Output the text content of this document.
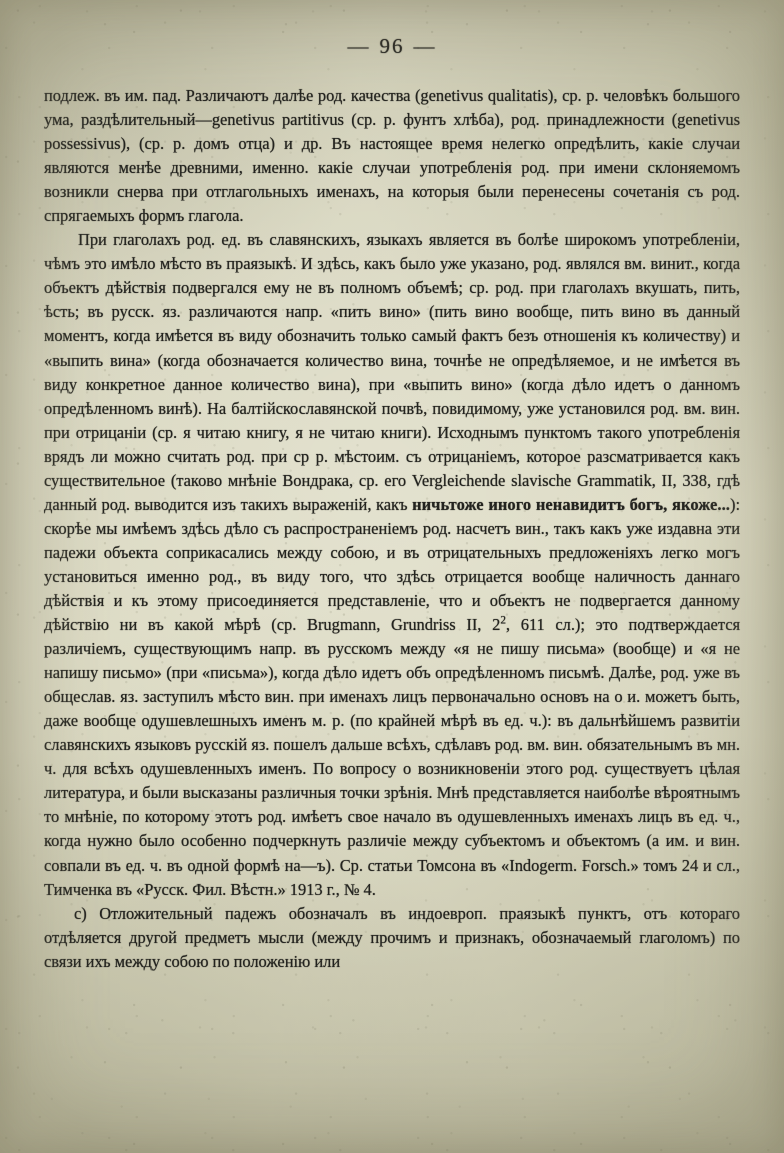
— 96 —

подлеж. въ им. пад. Различаютъ далѣе род. качества (genetivus qualitatis), ср. р. человѣкъ большого ума, раздѣлительный—genetivus partitivus (ср. р. фунтъ хлѣба), род. принадлежности (genetivus possessivus), (ср. р. домъ отца) и др. Въ настоящее время нелегко опредѣлить, какіе случаи являются менѣе древними, именно. какіе случаи употребленія род. при имени склоняемомъ возникли снерва при отглагольныхъ именахъ, на которыя были перенесены сочетанія съ род. спрягаемыхъ формъ глагола.

При глаголахъ род. ед. въ славянскихъ, языкахъ является въ болѣе широкомъ употребленіи, чѣмъ это имѣло мѣсто въ праязыкѣ. И здѣсь, какъ было уже указано, род. являлся вм. винит., когда объектъ дѣйствія подвергался ему не въ полномъ объемѣ; ср. род. при глаголахъ вкушать, пить, ѣсть; въ русск. яз. различаются напр. «пить вино» (пить вино вообще, пить вино въ данный моментъ, когда имѣется въ виду обозначить только самый фактъ безъ отношенія къ количеству) и «выпить вина» (когда обозначается количество вина, точнѣе не опредѣляемое, и не имѣется въ виду конкретное данное количество вина), при «выпить вино» (когда дѣло идетъ о данномъ опредѣленномъ винѣ). На балтійскославянской почвѣ, повидимому, уже установился род. вм. вин. при отрицаніи (ср. я читаю книгу, я не читаю книги). Исходнымъ пунктомъ такого употребленія врядъ ли можно считать род. при ср р. мѣстоим. съ отрицаніемъ, которое разсматривается какъ существительное (таково мнѣніе Вондрака, ср. его Vergleichende slavische Grammatik, II, 338, гдѣ данный род. выводится изъ такихъ выраженій, какъ ничьтоже иного ненавидитъ богъ, якоже...): скорѣе мы имѣемъ здѣсь дѣло съ распространеніемъ род. насчетъ вин., такъ какъ уже издавна эти падежи объекта соприкасались между собою, и въ отрицательныхъ предложеніяхъ легко могъ установиться именно род., въ виду того, что здѣсь отрицается вообще наличность даннаго дѣйствія и къ этому присоединяется представленіе, что и объектъ не подвергается данному дѣйствію ни въ какой мѣрѣ (ср. Brugmann, Grundriss II, $2^2$, 611 сл.); это подтверждается различіемъ, существующимъ напр. въ русскомъ между «я не пишу письма» (вообще) и «я не напишу письмо» (при «письма»), когда дѣло идетъ объ опредѣленномъ письмѣ. Далѣе, род. уже въ общеслав. яз. заступилъ мѣсто вин. при именахъ лицъ первоначально основъ на о и. можетъ быть, даже вообще одушевлешныхъ именъ м. р. (по крайней мѣрѣ въ ед. ч.): въ дальнѣйшемъ развитіи славянскихъ языковъ русскій яз. пошелъ дальше всѣхъ, сдѣлавъ род. вм. вин. обязательнымъ въ мн. ч. для всѣхъ одушевленныхъ именъ. По вопросу о возникновеніи этого род. существуетъ цѣлая литература, и были высказаны различныя точки зрѣнія. Мнѣ представляется наиболѣе вѣроятнымъ то мнѣніе, по которому этотъ род. имѣетъ свое начало въ одушевленныхъ именахъ лицъ въ ед. ч., когда нужно было особенно подчеркнуть различіе между субъектомъ и объектомъ (а им. и вин. совпали въ ед. ч. въ одной формѣ на—ъ). Ср. статьи Томсона въ «Indogerm. Forsch.» томъ 24 и сл., Тимченка въ «Русск. Фил. Вѣстн.» 1913 г., № 4.

c) Отложительный падежъ обозначалъ въ индоевроп. праязыкѣ пунктъ, отъ котораго отдѣляется другой предметъ мысли (между прочимъ и признакъ, обозначаемый глаголомъ) по связи ихъ между собою по положенію или
